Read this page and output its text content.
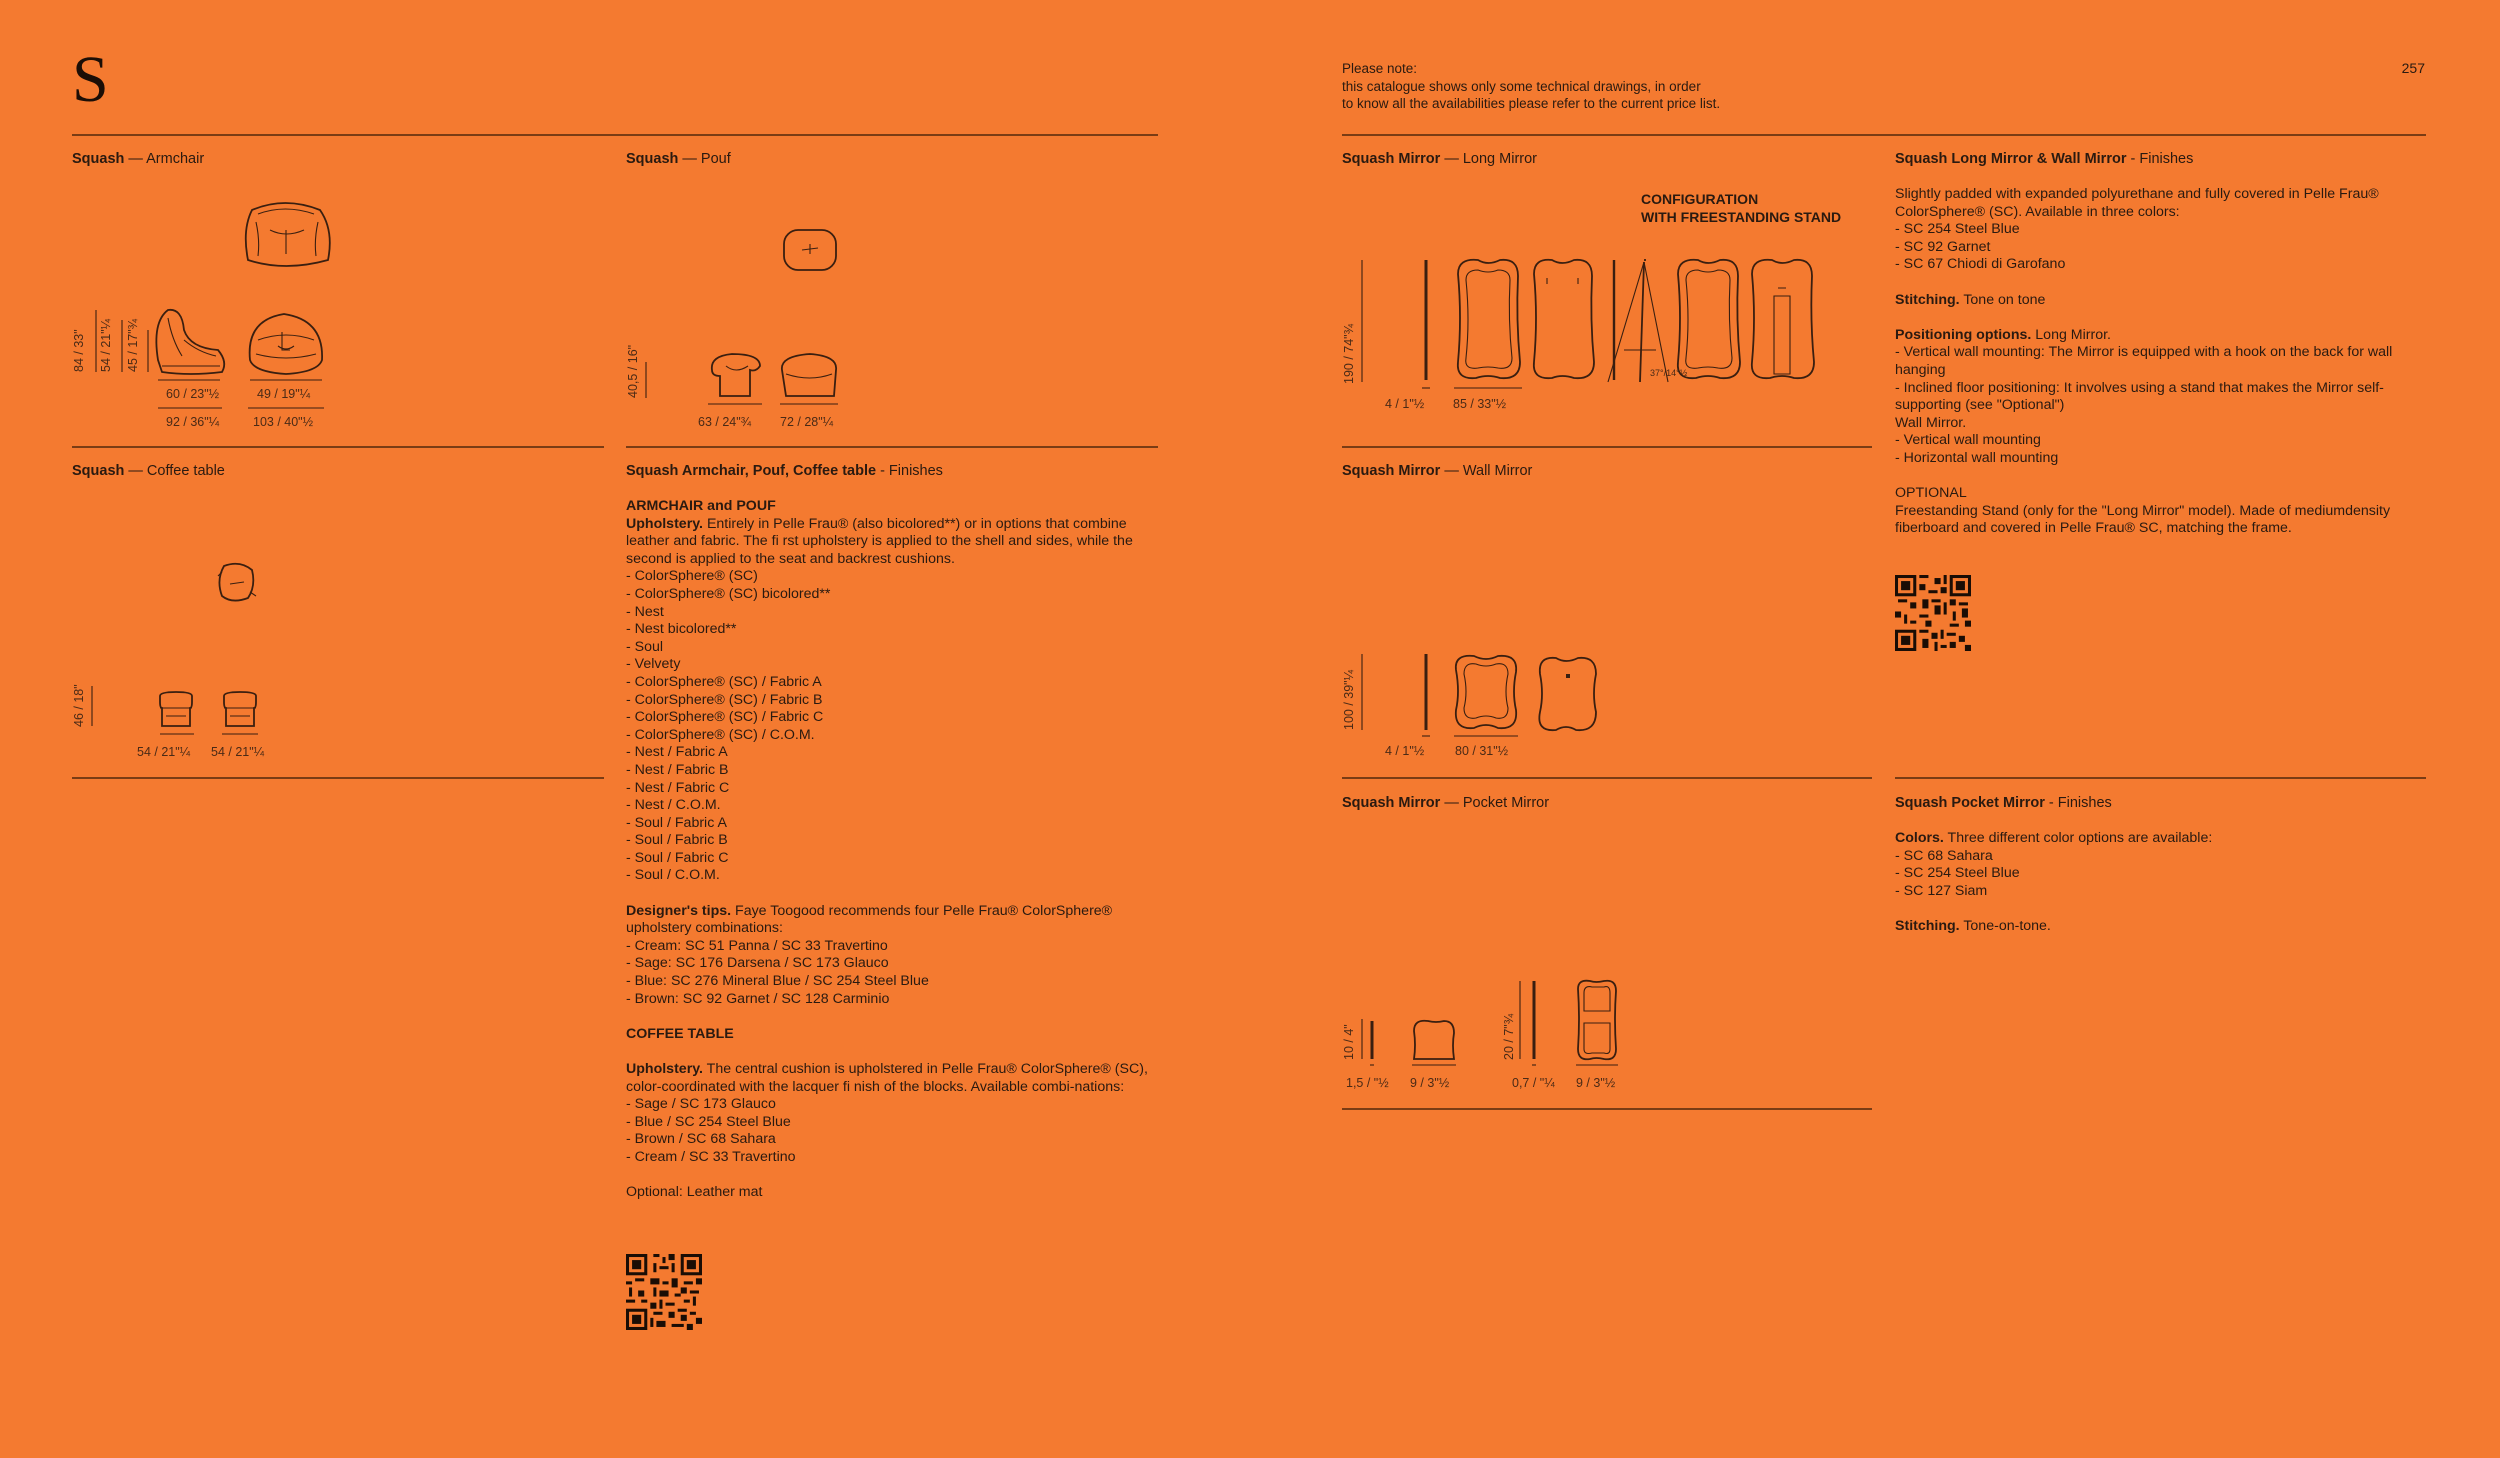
S	Please note:
this catalogue shows only some technical drawings, in order
to know all the availabilities please refer to the current price list.
257
Squash — Armchair
84 / 33" 54 / 21"¼ 45 / 17"¾
60 / 23"½	49 / 19"¼
92 / 36"¼	103 / 40"½
Squash — Pouf
40,5 / 16"
63 / 24"¾ 72 / 28"¼
Squash — Coffee table
46 / 18"
54 / 21"¼ 54 / 21"¼
Squash Armchair, Pouf, Coffee table - Finishes
ARMCHAIR and POUF
Upholstery. Entirely in Pelle Frau® (also bicolored**) or in options that combine leather and fabric. The fi rst upholstery is applied to the shell and sides, while the second is applied to the seat and backrest cushions.
- ColorSphere® (SC)
- ColorSphere® (SC) bicolored**
- Nest
- Nest bicolored**
- Soul
- Velvety
- ColorSphere® (SC) / Fabric A
- ColorSphere® (SC) / Fabric B
- ColorSphere® (SC) / Fabric C
- ColorSphere® (SC) / C.O.M.
- Nest / Fabric A
- Nest / Fabric B
- Nest / Fabric C
- Nest / C.O.M.
- Soul / Fabric A
- Soul / Fabric B
- Soul / Fabric C
- Soul / C.O.M.
Designer's tips. Faye Toogood recommends four Pelle Frau® ColorSphere® upholstery combinations:
- Cream: SC 51 Panna / SC 33 Travertino
- Sage: SC 176 Darsena / SC 173 Glauco
- Blue: SC 276 Mineral Blue / SC 254 Steel Blue
- Brown: SC 92 Garnet / SC 128 Carminio
COFFEE TABLE
Upholstery. The central cushion is upholstered in Pelle Frau® ColorSphere® (SC), color-coordinated with the lacquer fi nish of the blocks. Available combi-nations:
- Sage / SC 173 Glauco
- Blue / SC 254 Steel Blue
- Brown / SC 68 Sahara
- Cream / SC 33 Travertino
Optional: Leather mat
Squash Mirror — Long Mirror
CONFIGURATION
WITH FREESTANDING STAND
190 / 74"¾
4 / 1"½ 85 / 33"½
37°/14°½
Squash Mirror — Wall Mirror
100 / 39"¼
4 / 1"½ 80 / 31"½
Squash Mirror — Pocket Mirror
10 / 4"	20 / 7"¾
1,5 / "½ 9 / 3"½	0,7 / "¼ 9 / 3"½
Squash Long Mirror & Wall Mirror - Finishes
Slightly padded with expanded polyurethane and fully covered in Pelle Frau® ColorSphere® (SC). Available in three colors:
- SC 254 Steel Blue
- SC 92 Garnet
- SC 67 Chiodi di Garofano
Stitching. Tone on tone
Positioning options. Long Mirror.
- Vertical wall mounting: The Mirror is equipped with a hook on the back for wall hanging
- Inclined floor positioning: It involves using a stand that makes the Mirror self-supporting (see "Optional")
Wall Mirror.
- Vertical wall mounting
- Horizontal wall mounting
OPTIONAL
Freestanding Stand (only for the "Long Mirror" model). Made of mediumdensity fiberboard and covered in Pelle Frau® SC, matching the frame.
Squash Pocket Mirror - Finishes
Colors. Three different color options are available:
- SC 68 Sahara
- SC 254 Steel Blue
- SC 127 Siam
Stitching. Tone-on-tone.
